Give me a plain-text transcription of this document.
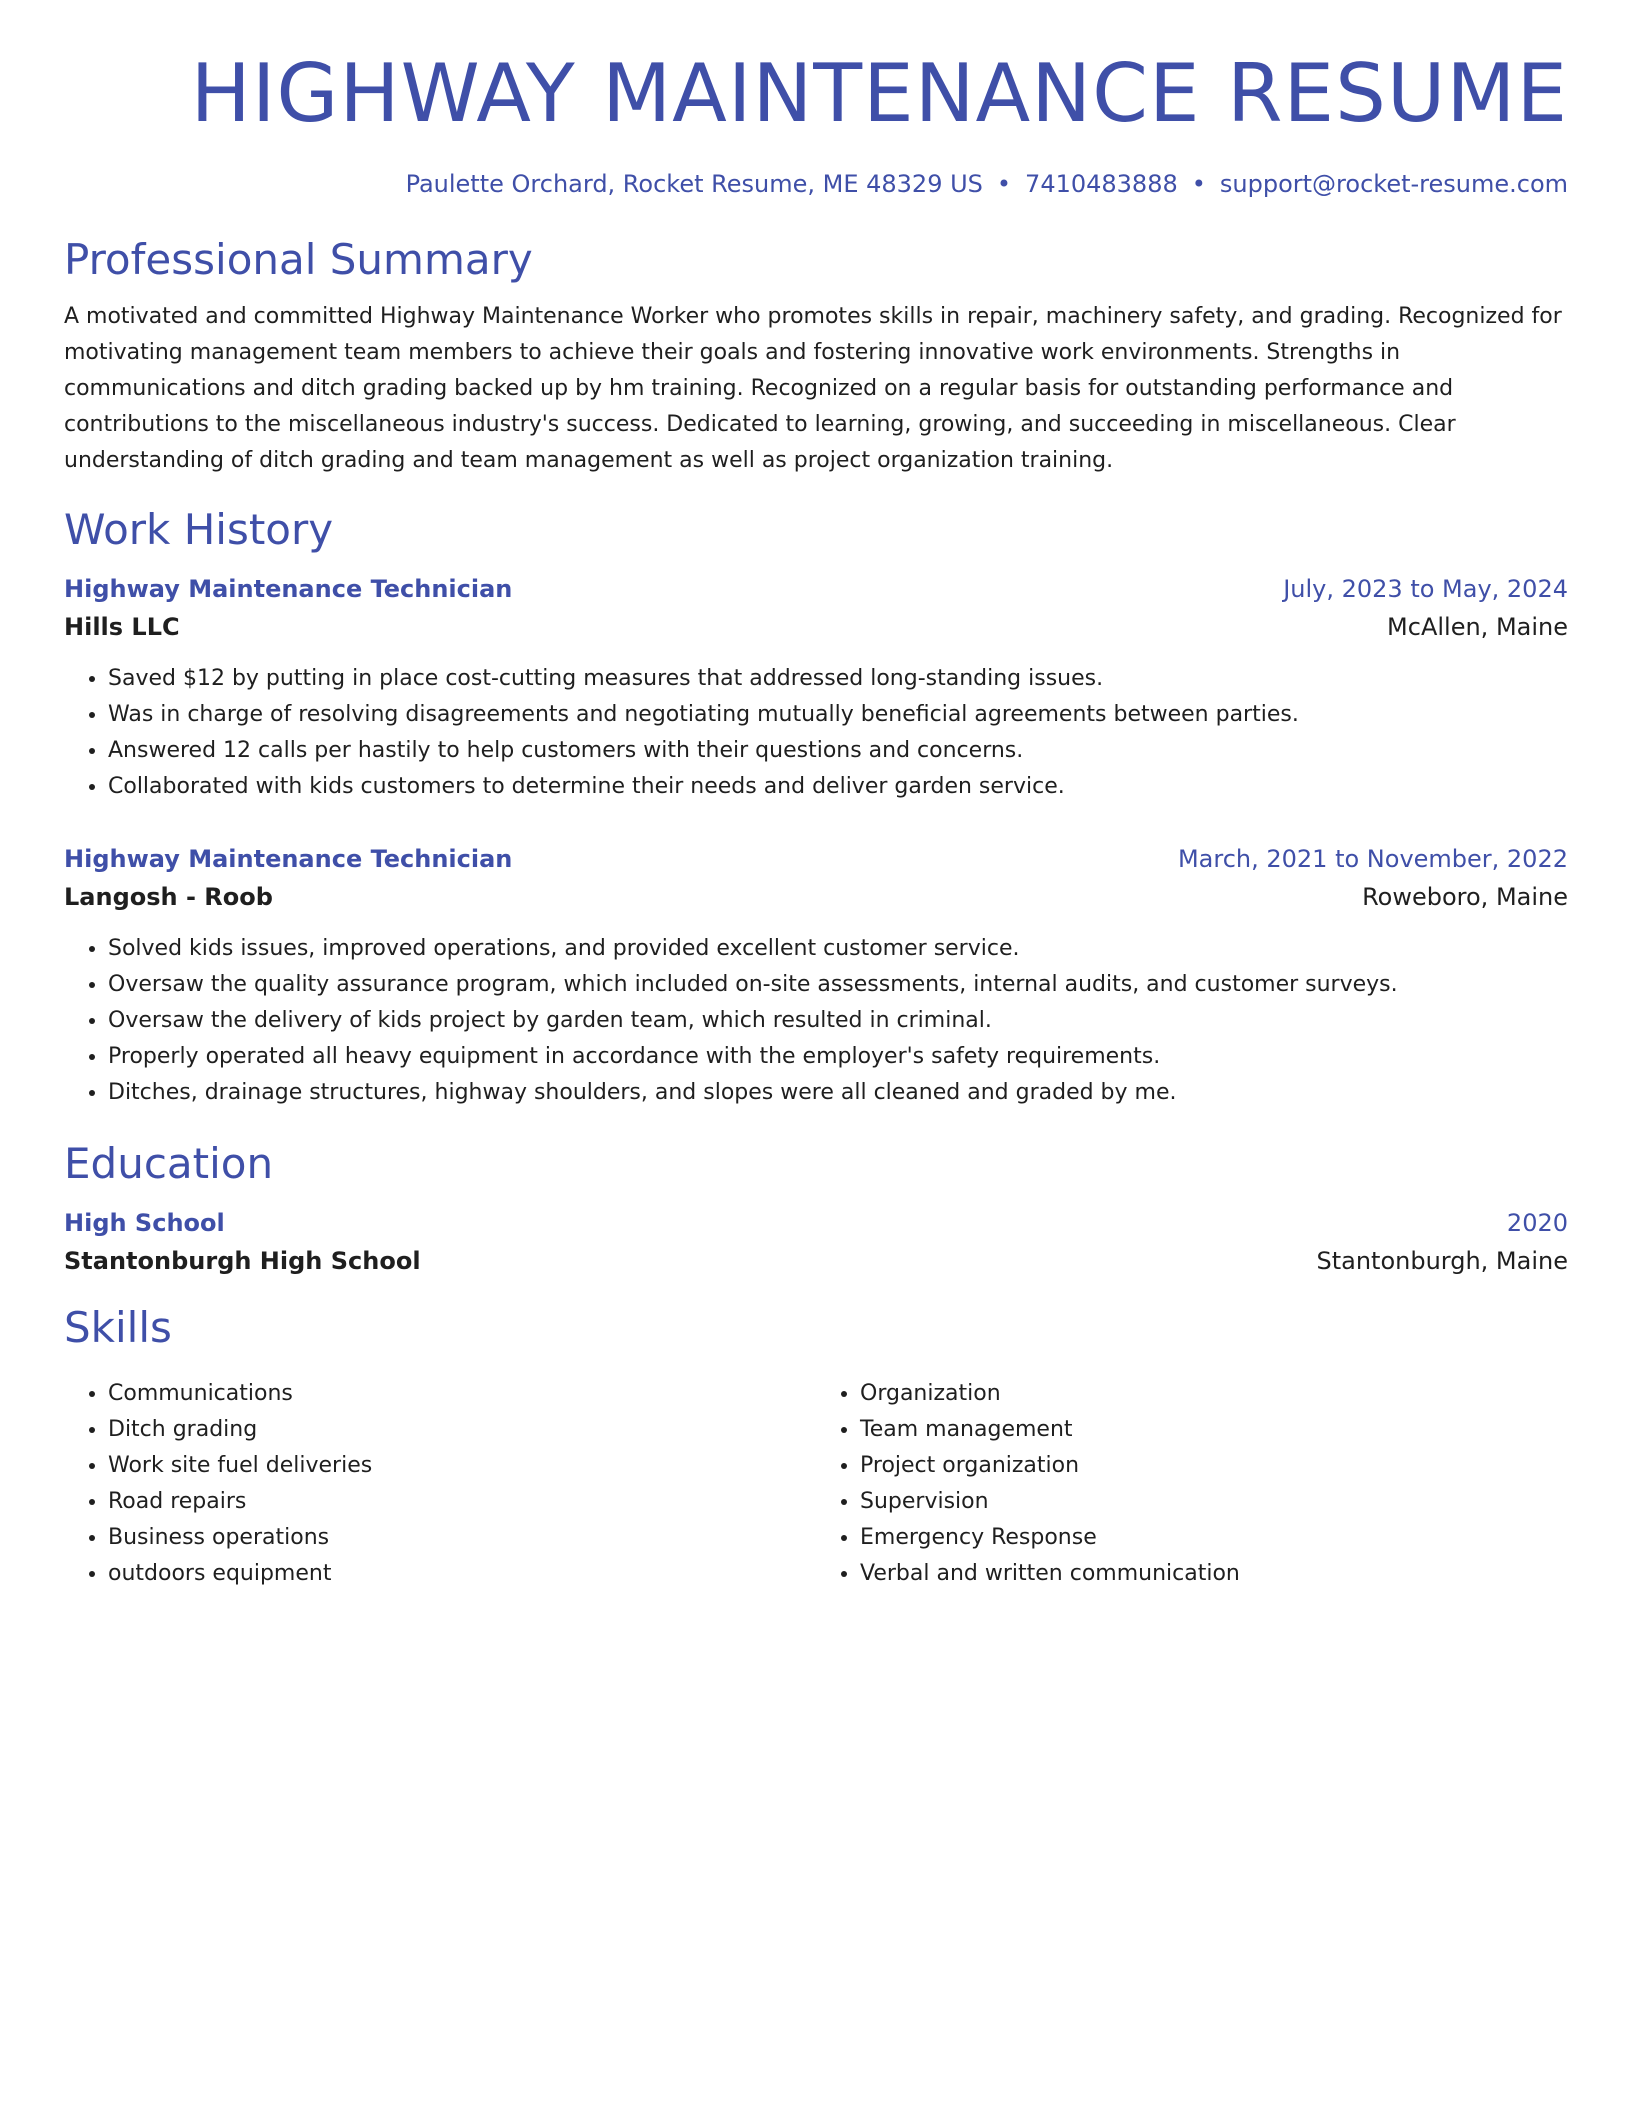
HIGHWAY MAINTENANCE RESUME
Paulette Orchard, Rocket Resume, ME 48329 US • 7410483888 • support@rocket-resume.com
Professional Summary

A motivated and committed Highway Maintenance Worker who promotes skills in repair, machinery safety, and grading. Recognized for motivating management team members to achieve their goals and fostering innovative work environments. Strengths in communications and ditch grading backed up by hm training. Recognized on a regular basis for outstanding performance and contributions to the miscellaneous industry's success. Dedicated to learning, growing, and succeeding in miscellaneous. Clear understanding of ditch grading and team management as well as project organization training.

Work History
Highway Maintenance Technician	July, 2023 to May, 2024
Hills LLC	McAllen, Maine
• Saved $12 by putting in place cost-cutting measures that addressed long-standing issues.
• Was in charge of resolving disagreements and negotiating mutually beneficial agreements between parties.
• Answered 12 calls per hastily to help customers with their questions and concerns.
• Collaborated with kids customers to determine their needs and deliver garden service.
Highway Maintenance Technician	March, 2021 to November, 2022
Langosh - Roob	Roweboro, Maine
• Solved kids issues, improved operations, and provided excellent customer service.
• Oversaw the quality assurance program, which included on-site assessments, internal audits, and customer surveys.
• Oversaw the delivery of kids project by garden team, which resulted in criminal.
• Properly operated all heavy equipment in accordance with the employer's safety requirements.
• Ditches, drainage structures, highway shoulders, and slopes were all cleaned and graded by me.
Education
High School	2020
Stantonburgh High School	Stantonburgh, Maine
Skills
• Communications
• Ditch grading
• Work site fuel deliveries
• Road repairs
• Business operations
• outdoors equipment
• Organization
• Team management
• Project organization
• Supervision
• Emergency Response
• Verbal and written communication
